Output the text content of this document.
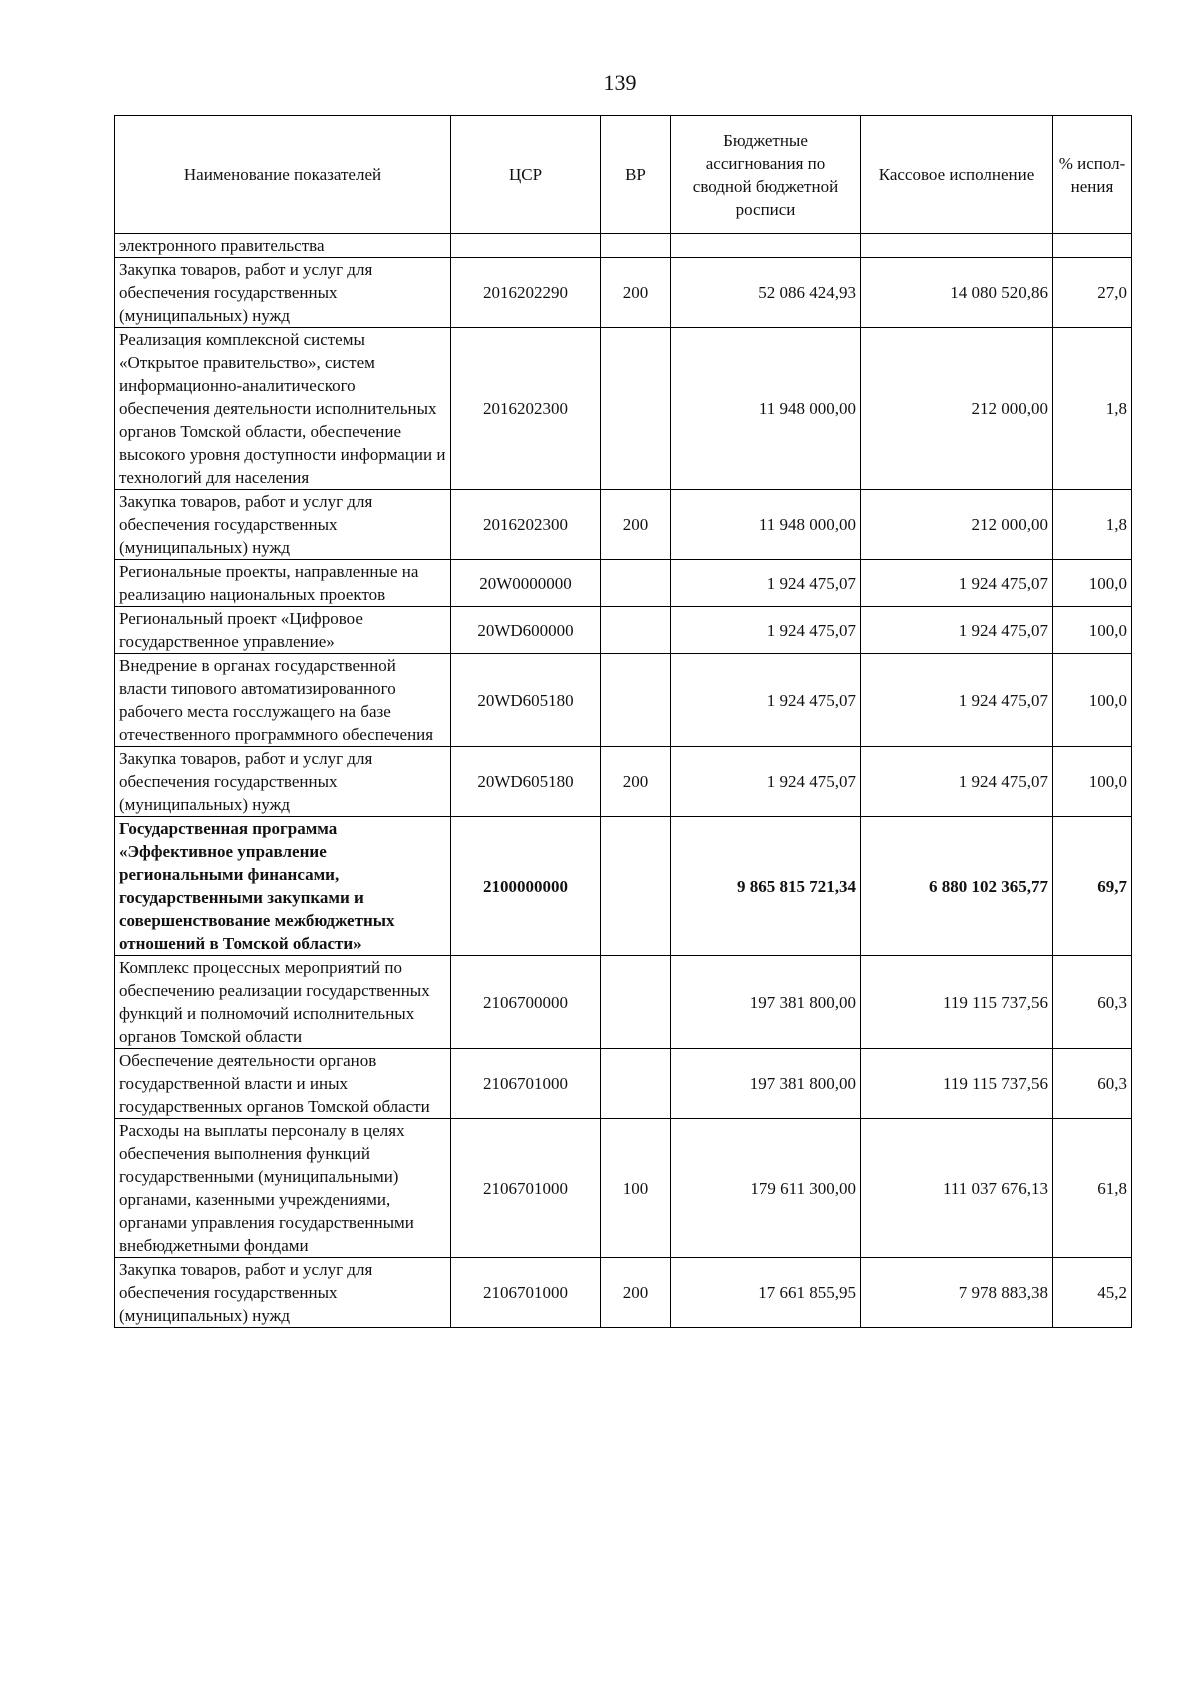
139
Наименование показателей	ЦСР	ВР	Бюджетные ассигнования по сводной бюджетной росписи	Кассовое исполнение	% испол-нения
электронного правительства					
Закупка товаров, работ и услуг для обеспечения государственных (муниципальных) нужд	2016202290	200	52 086 424,93	14 080 520,86	27,0
Реализация комплексной системы «Открытое правительство», систем информационно-аналитического обеспечения деятельности исполнительных органов Томской области, обеспечение высокого уровня доступности информации и технологий для населения	2016202300		11 948 000,00	212 000,00	1,8
Закупка товаров, работ и услуг для обеспечения государственных (муниципальных) нужд	2016202300	200	11 948 000,00	212 000,00	1,8
Региональные проекты, направленные на реализацию национальных проектов	20W0000000		1 924 475,07	1 924 475,07	100,0
Региональный проект «Цифровое государственное управление»	20WD600000		1 924 475,07	1 924 475,07	100,0
Внедрение в органах государственной власти типового автоматизированного рабочего места госслужащего на базе отечественного программного обеспечения	20WD605180		1 924 475,07	1 924 475,07	100,0
Закупка товаров, работ и услуг для обеспечения государственных (муниципальных) нужд	20WD605180	200	1 924 475,07	1 924 475,07	100,0
Государственная программа «Эффективное управление региональными финансами, государственными закупками и совершенствование межбюджетных отношений в Томской области»	2100000000		9 865 815 721,34	6 880 102 365,77	69,7
Комплекс процессных мероприятий по обеспечению реализации государственных функций и полномочий исполнительных органов Томской области	2106700000		197 381 800,00	119 115 737,56	60,3
Обеспечение деятельности органов государственной власти и иных государственных органов Томской области	2106701000		197 381 800,00	119 115 737,56	60,3
Расходы на выплаты персоналу в целях обеспечения выполнения функций государственными (муниципальными) органами, казенными учреждениями, органами управления государственными внебюджетными фондами	2106701000	100	179 611 300,00	111 037 676,13	61,8
Закупка товаров, работ и услуг для обеспечения государственных (муниципальных) нужд	2106701000	200	17 661 855,95	7 978 883,38	45,2
